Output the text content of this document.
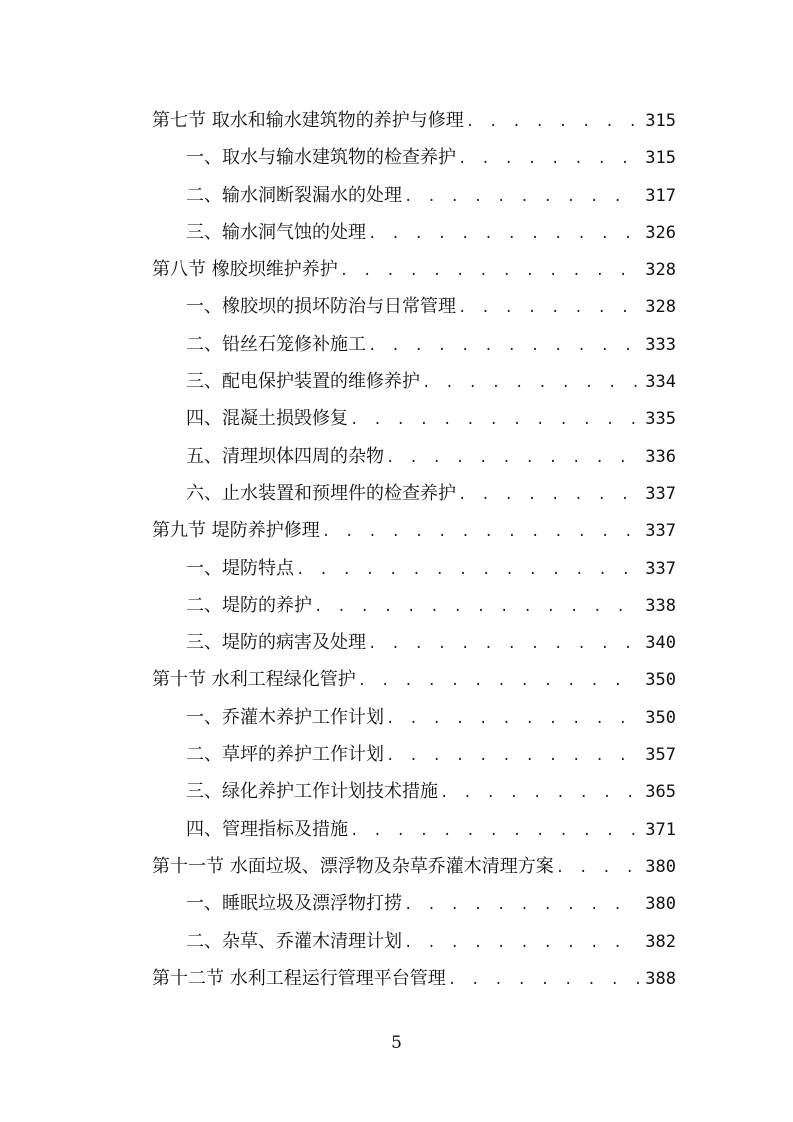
第七节 取水和输水建筑物的养护与修理 . . .	315
一、取水与输水建筑物的检查养护 . . .	315
二、输水洞断裂漏水的处理 . . .	317
三、输水洞气蚀的处理 . . .	326
第八节 橡胶坝维护养护 . . .	328
一、橡胶坝的损坏防治与日常管理 . . .	328
二、铅丝石笼修补施工 . . .	333
三、配电保护装置的维修养护 . . .	334
四、混凝土损毁修复 . . .	335
五、清理坝体四周的杂物 . . .	336
六、止水装置和预埋件的检查养护 . . .	337
第九节 堤防养护修理 . . .	337
一、堤防特点 . . .	337
二、堤防的养护 . . .	338
三、堤防的病害及处理 . . .	340
第十节 水利工程绿化管护 . . .	350
一、乔灌木养护工作计划 . . .	350
二、草坪的养护工作计划 . . .	357
三、绿化养护工作计划技术措施 . . .	365
四、管理指标及措施 . . .	371
第十一节 水面垃圾、漂浮物及杂草乔灌木清理方案 . . .	380
一、睡眠垃圾及漂浮物打捞 . . .	380
二、杂草、乔灌木清理计划 . . .	382
第十二节 水利工程运行管理平台管理 . . .	388
5
